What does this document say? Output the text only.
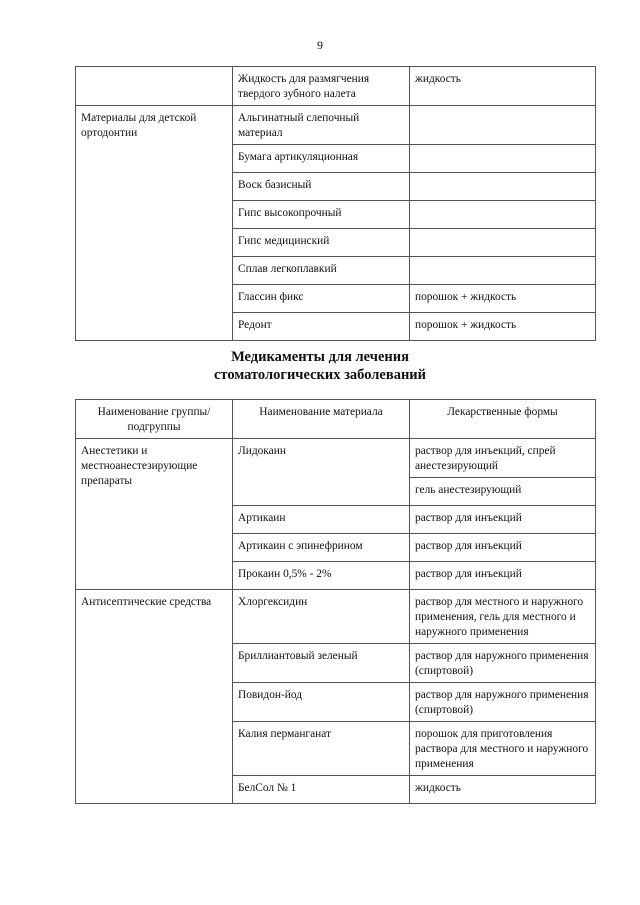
9
	Жидкость для размягчения твердого зубного налета	жидкость
Материалы для детской ортодонтии	Альгинатный слепочный материал	
	Бумага артикуляционная	
	Воск базисный	
	Гипс высокопрочный	
	Гипс медицинский	
	Сплав легкоплавкий	
	Глассин фикс	порошок + жидкость
	Редонт	порошок + жидкость
Медикаменты для лечения
стоматологических заболеваний
Наименование группы/подгруппы	Наименование материала	Лекарственные формы
Анестетики и местноанестезирующие препараты	Лидокаин	раствор для инъекций, спрей анестезирующий
		гель анестезирующий
	Артикаин	раствор для инъекций
	Артикаин с эпинефрином	раствор для инъекций
	Прокаин 0,5% - 2%	раствор для инъекций
Антисептические средства	Хлоргексидин	раствор для местного и наружного применения, гель для местного и наружного применения
	Бриллиантовый зеленый	раствор для наружного применения (спиртовой)
	Повидон-йод	раствор для наружного применения (спиртовой)
	Калия перманганат	порошок для приготовления раствора для местного и наружного применения
	БелСол № 1	жидкость
